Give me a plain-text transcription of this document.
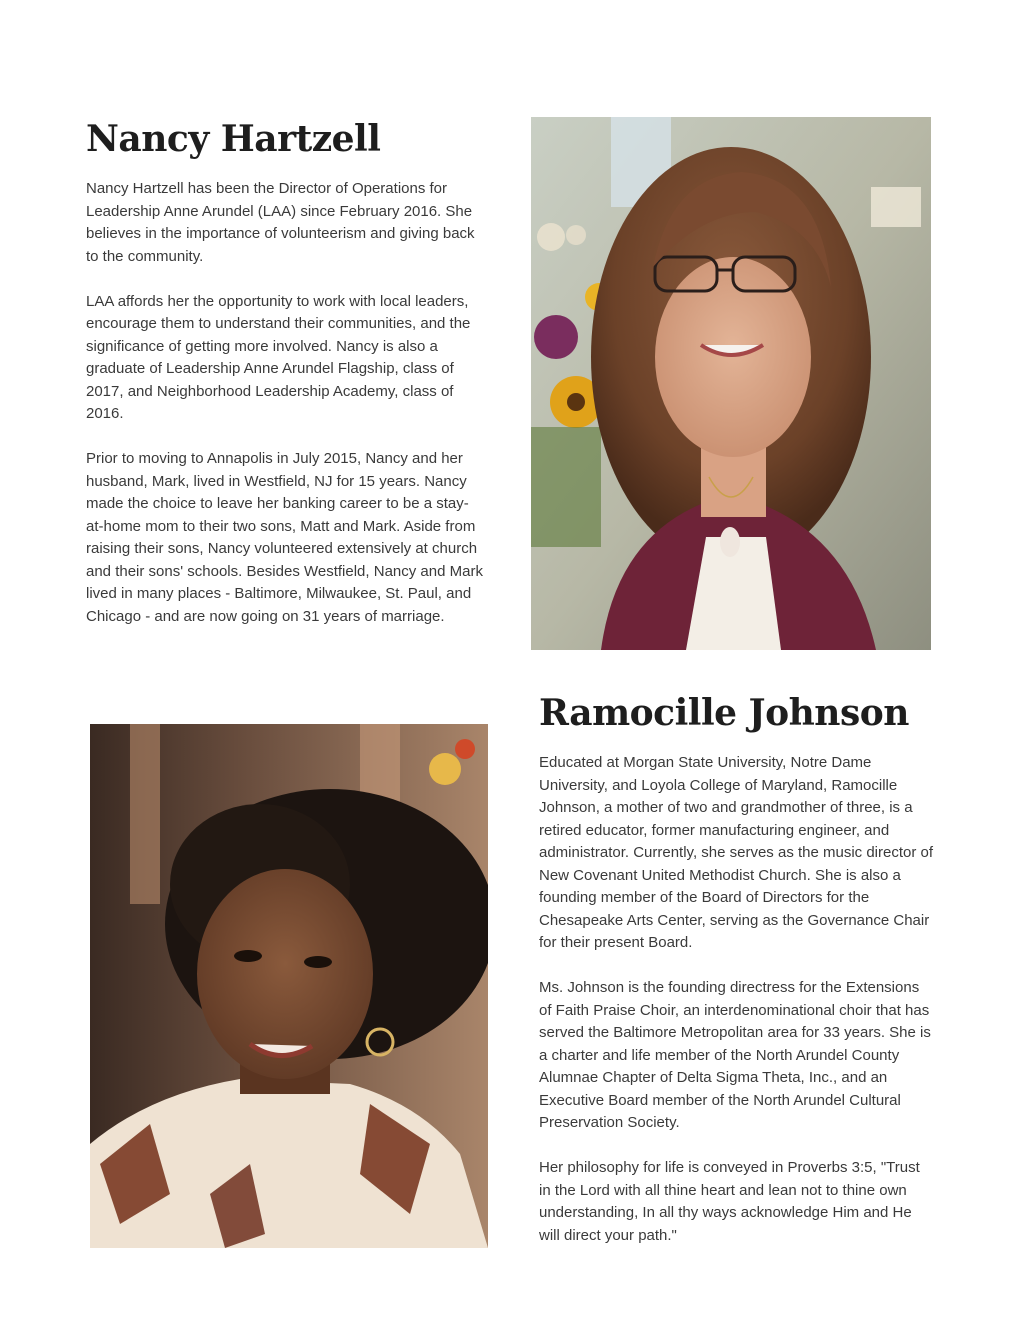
Nancy Hartzell

Nancy Hartzell has been the Director of Operations for Leadership Anne Arundel (LAA) since February 2016. She believes in the importance of volunteerism and giving back to the community.

LAA affords her the opportunity to work with local leaders, encourage them to understand their communities, and the significance of getting more involved. Nancy is also a graduate of Leadership Anne Arundel Flagship, class of 2017, and Neighborhood Leadership Academy, class of 2016.

Prior to moving to Annapolis in July 2015, Nancy and her husband, Mark, lived in Westfield, NJ for 15 years. Nancy made the choice to leave her banking career to be a stay-at-home mom to their two sons, Matt and Mark. Aside from raising their sons, Nancy volunteered extensively at church and their sons' schools. Besides Westfield, Nancy and Mark lived in many places - Baltimore, Milwaukee, St. Paul, and Chicago - and are now going on 31 years of marriage.

Ramocille Johnson

Educated at Morgan State University, Notre Dame University, and Loyola College of Maryland, Ramocille Johnson, a mother of two and grandmother of three, is a retired educator, former manufacturing engineer, and administrator. Currently, she serves as the music director of New Covenant United Methodist Church. She is also a founding member of the Board of Directors for the Chesapeake Arts Center, serving as the Governance Chair for their present Board.

Ms. Johnson is the founding directress for the Extensions of Faith Praise Choir, an interdenominational choir that has served the Baltimore Metropolitan area for 33 years. She is a charter and life member of the North Arundel County Alumnae Chapter of Delta Sigma Theta, Inc., and an Executive Board member of the North Arundel Cultural Preservation Society.

Her philosophy for life is conveyed in Proverbs 3:5, "Trust in the Lord with all thine heart and lean not to thine own understanding, In all thy ways acknowledge Him and He will direct your path."
